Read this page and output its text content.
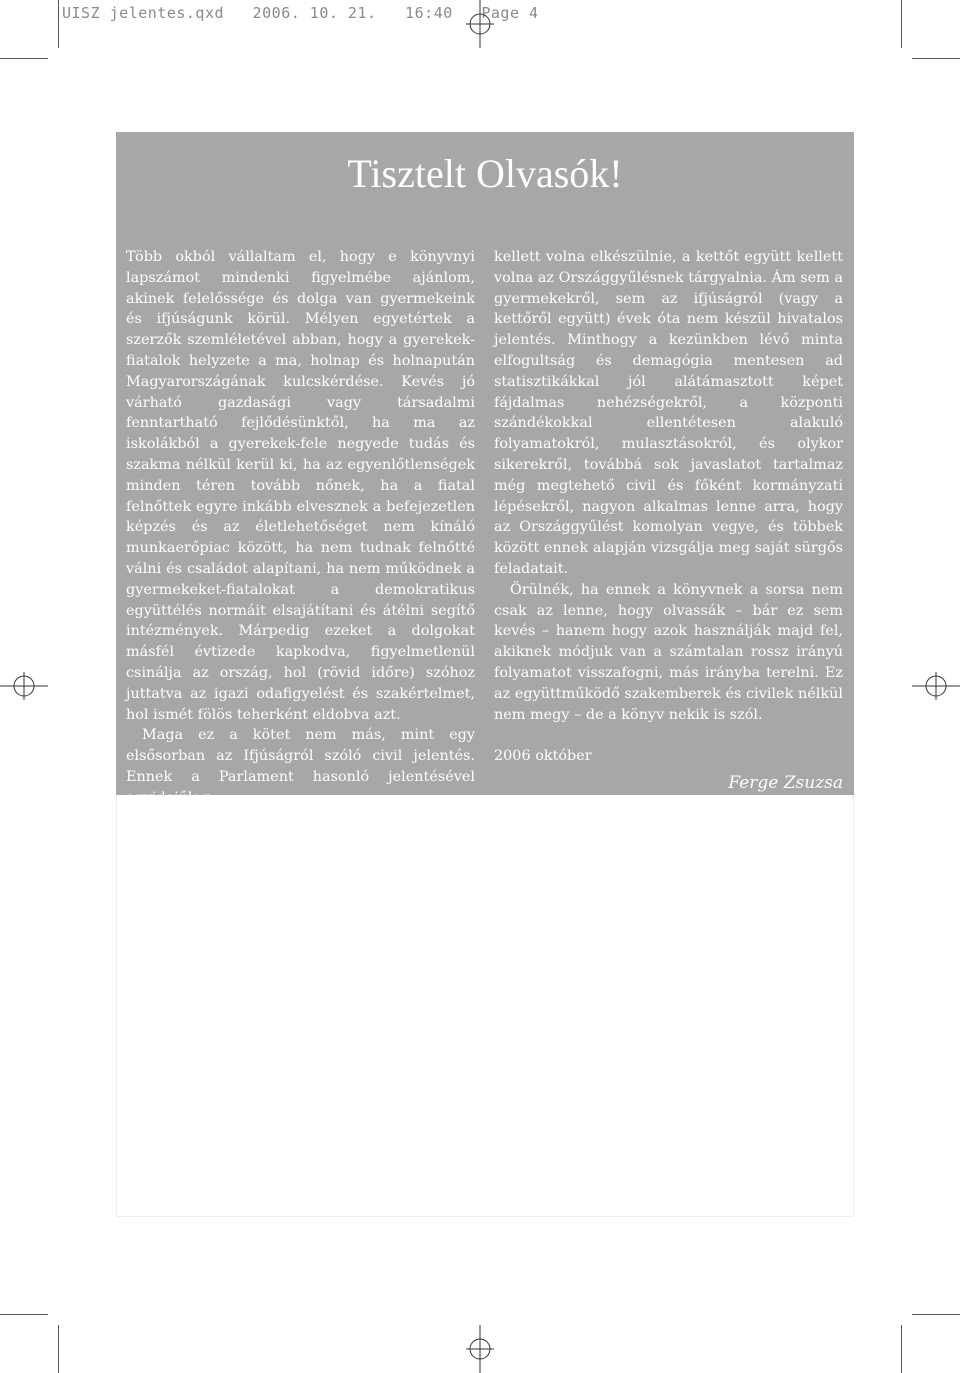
UISZ jelentes.qxd   2006. 10. 21.   16:40   Page 4
Tisztelt Olvasók!

Több okból vállaltam el, hogy e könyvnyi lapszámot mindenki figyelmébe ajánlom, akinek felelőssége és dolga van gyermekeink és ifjúságunk körül. Mélyen egyetértek a szerzők szemléletével abban, hogy a gyerekek-fiatalok helyzete a ma, holnap és holnapután Magyarországának kulcskérdése. Kevés jó várható gazdasági vagy társadalmi fenntartható fejlődésünktől, ha ma az iskolákból a gyerekek-fele negyede tudás és szakma nélkül kerül ki, ha az egyenlőtlenségek minden téren tovább nőnek, ha a fiatal felnőttek egyre inkább elvesznek a befejezetlen képzés és az életlehetőséget nem kínáló munkaerőpiac között, ha nem tudnak felnőtté válni és családot alapítani, ha nem működnek a gyermekeket-fiatalokat a demokratikus együttélés normáit elsajátítani és átélni segítő intézmények. Márpedig ezeket a dolgokat másfél évtizede kapkodva, figyelmetlenül csinálja az ország, hol (rövid időre) szóhoz juttatva az igazi odafigyelést és szakértelmet, hol ismét fölös teherként eldobva azt.

Maga ez a kötet nem más, mint egy elsősorban az Ifjúságról szóló civil jelentés. Ennek a Parlament hasonló jelentésével egyidejűleg

kellett volna elkészülnie, a kettőt együtt kellett volna az Országgyűlésnek tárgyalnia. Ám sem a gyermekekről, sem az ifjúságról (vagy a kettőről együtt) évek óta nem készül hivatalos jelentés. Minthogy a kezünkben lévő minta elfogultság és demagógia mentesen ad statisztikákkal jól alátámasztott képet fájdalmas nehézségekről, a központi szándékokkal ellentétesen alakuló folyamatokról, mulasztásokról, és olykor sikerekről, továbbá sok javaslatot tartalmaz még megtehető civil és főként kormányzati lépésekről, nagyon alkalmas lenne arra, hogy az Országgyűlést komolyan vegye, és többek között ennek alapján vizsgálja meg saját sürgős feladatait.

Örülnék, ha ennek a könyvnek a sorsa nem csak az lenne, hogy olvassák – bár ez sem kevés – hanem hogy azok használják majd fel, akiknek módjuk van a számtalan rossz irányú folyamatot visszafogni, más irányba terelni. Ez az együttműködő szakemberek és civilek nélkül nem megy – de a könyv nekik is szól.

2006 október

Ferge Zsuzsa
